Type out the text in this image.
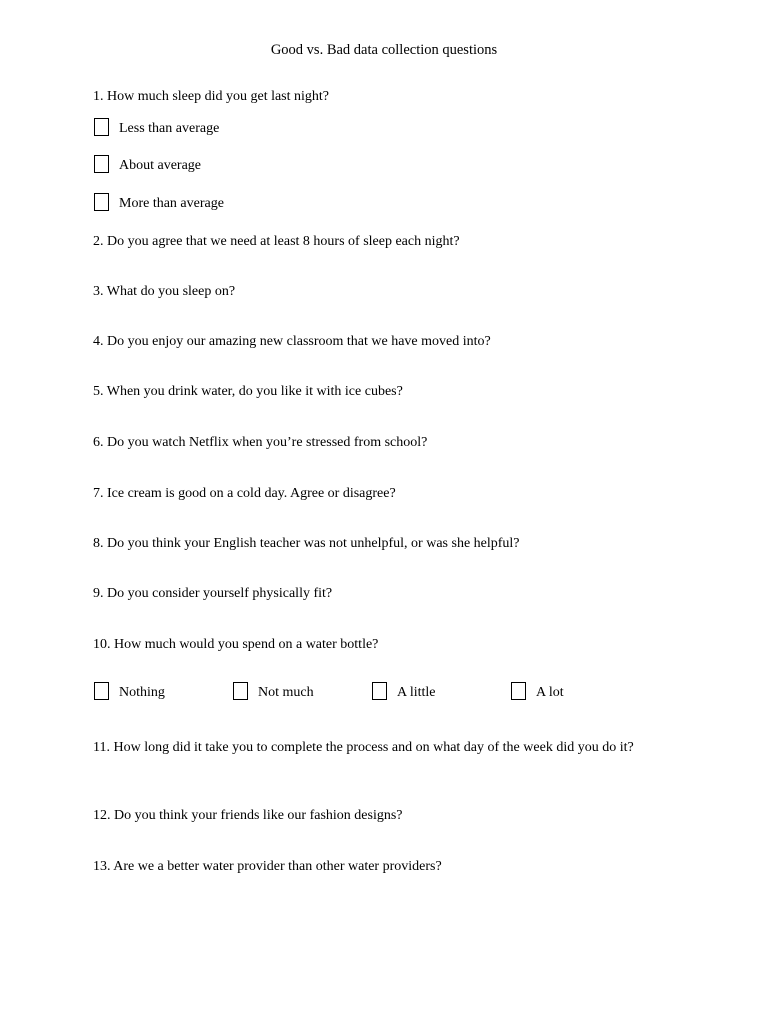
Good vs. Bad data collection questions
1. How much sleep did you get last night?
Less than average
About average
More than average
2. Do you agree that we need at least 8 hours of sleep each night?
3. What do you sleep on?
4. Do you enjoy our amazing new classroom that we have moved into?
5. When you drink water, do you like it with ice cubes?
6. Do you watch Netflix when you’re stressed from school?
7. Ice cream is good on a cold day. Agree or disagree?
8. Do you think your English teacher was not unhelpful, or was she helpful?
9. Do you consider yourself physically fit?
10. How much would you spend on a water bottle?
Nothing	Not much	A little	A lot
11. How long did it take you to complete the process and on what day of the week did you do it?
12. Do you think your friends like our fashion designs?
13. Are we a better water provider than other water providers?
